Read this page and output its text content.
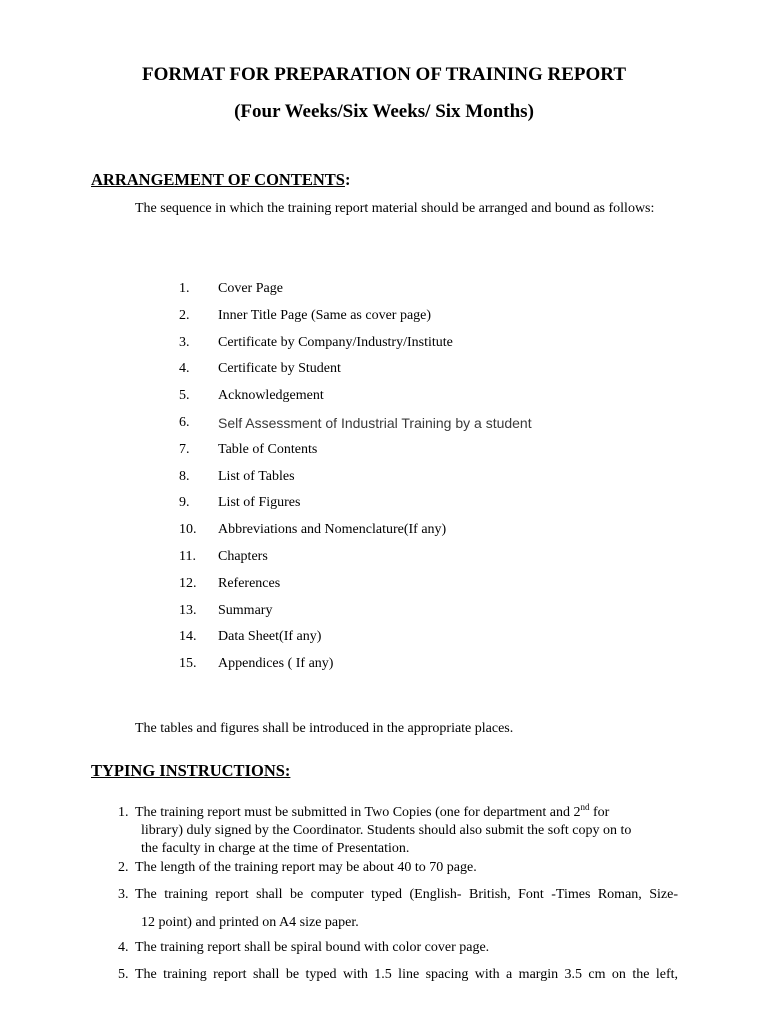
FORMAT FOR PREPARATION OF TRAINING REPORT
(Four Weeks/Six Weeks/ Six Months)
ARRANGEMENT OF CONTENTS:
The sequence in which the training report material should be arranged and bound as follows:
1.	Cover Page
2.	Inner Title Page (Same as cover page)
3.	Certificate by Company/Industry/Institute
4.	Certificate by Student
5.	Acknowledgement
6.	Self Assessment of Industrial Training by a student
7.	Table of Contents
8.	List of Tables
9.	List of Figures
10.	Abbreviations and Nomenclature(If any)
11.	Chapters
12.	References
13.	Summary
14.	Data Sheet(If any)
15.	Appendices ( If any)
The tables and figures shall be introduced in the appropriate places.
TYPING INSTRUCTIONS:
1. The training report must be submitted in Two Copies (one for department and 2nd for
library) duly signed by the Coordinator. Students should also submit the soft copy on to
the faculty in charge at the time of Presentation.
2. The length of the training report may be about 40 to 70 page.
3. The training report shall be computer typed (English- British, Font -Times Roman, Size-
12 point) and printed on A4 size paper.
4. The training report shall be spiral bound with color cover page.
5. The training report shall be typed with 1.5 line spacing with a margin 3.5 cm on the left,
